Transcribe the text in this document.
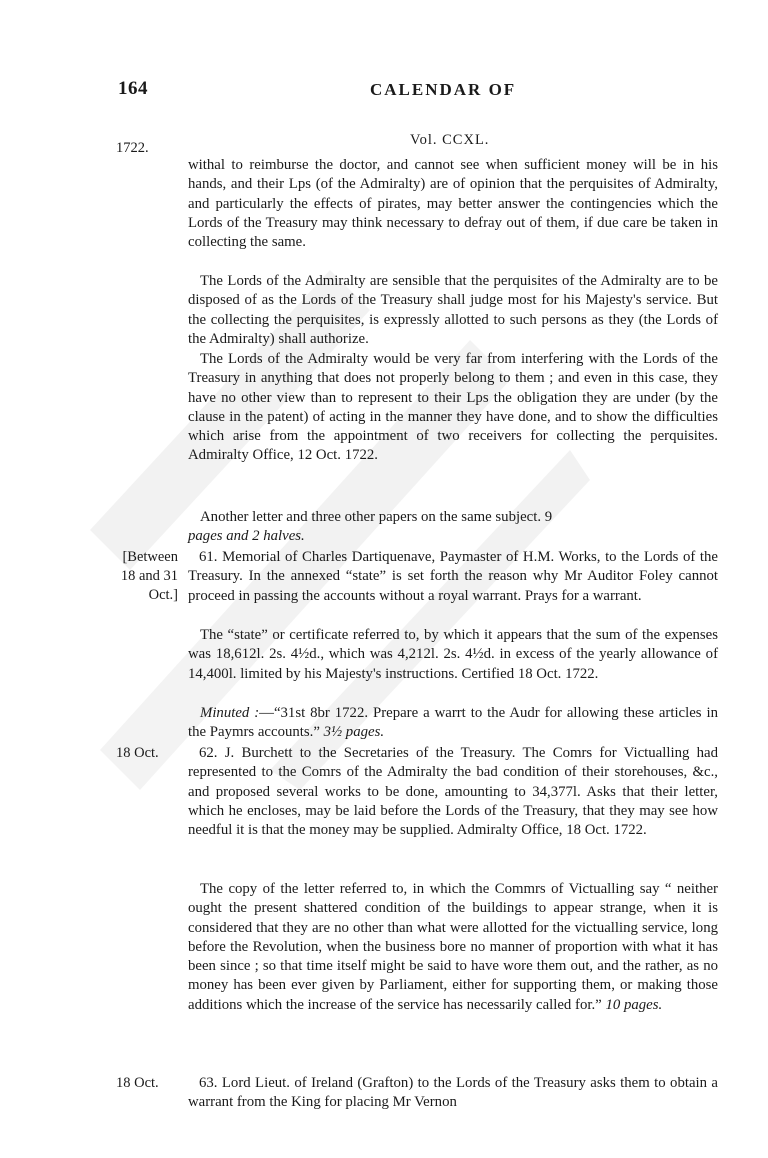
164	CALENDAR OF
Vol. CCXL.
1722.
withal to reimburse the doctor, and cannot see when sufficient money will be in his hands, and their Lps (of the Admiralty) are of opinion that the perquisites of Admiralty, and particularly the effects of pirates, may better answer the contingencies which the Lords of the Treasury may think necessary to defray out of them, if due care be taken in collecting the same.
The Lords of the Admiralty are sensible that the perquisites of the Admiralty are to be disposed of as the Lords of the Treasury shall judge most for his Majesty's service. But the collecting the perquisites, is expressly allotted to such persons as they (the Lords of the Admiralty) shall authorize.
The Lords of the Admiralty would be very far from interfering with the Lords of the Treasury in anything that does not properly belong to them ; and even in this case, they have no other view than to represent to their Lps the obligation they are under (by the clause in the patent) of acting in the manner they have done, and to show the difficulties which arise from the appointment of two receivers for collecting the perquisites. Admiralty Office, 12 Oct. 1722.
Another letter and three other papers on the same subject. 9
pages and 2 halves.
[Between
18 and 31
Oct.]
61. Memorial of Charles Dartiquenave, Paymaster of H.M. Works, to the Lords of the Treasury. In the annexed “state” is set forth the reason why Mr Auditor Foley cannot proceed in passing the accounts without a royal warrant. Prays for a warrant.
The “state” or certificate referred to, by which it appears that the sum of the expenses was 18,612l. 2s. 4½d., which was 4,212l. 2s. 4½d. in excess of the yearly allowance of 14,400l. limited by his Majesty's instructions. Certified 18 Oct. 1722.
Minuted :—“31st 8br 1722. Prepare a warrt to the Audr for allowing these articles in the Paymrs accounts.” 3½ pages.
18 Oct.	62. J. Burchett to the Secretaries of the Treasury. The Comrs for Victualling had represented to the Comrs of the Admiralty the bad condition of their storehouses, &c., and proposed several works to be done, amounting to 34,377l. Asks that their letter, which he encloses, may be laid before the Lords of the Treasury, that they may see how needful it is that the money may be supplied. Admiralty Office, 18 Oct. 1722.
The copy of the letter referred to, in which the Commrs of Victualling say “ neither ought the present shattered condition of the buildings to appear strange, when it is considered that they are no other than what were allotted for the victualling service, long before the Revolution, when the business bore no manner of proportion with what it has been since ; so that time itself might be said to have wore them out, and the rather, as no money has been ever given by Parliament, either for supporting them, or making those additions which the increase of the service has necessarily called for.” 10 pages.
18 Oct.	63. Lord Lieut. of Ireland (Grafton) to the Lords of the Treasury asks them to obtain a warrant from the King for placing Mr Vernon
